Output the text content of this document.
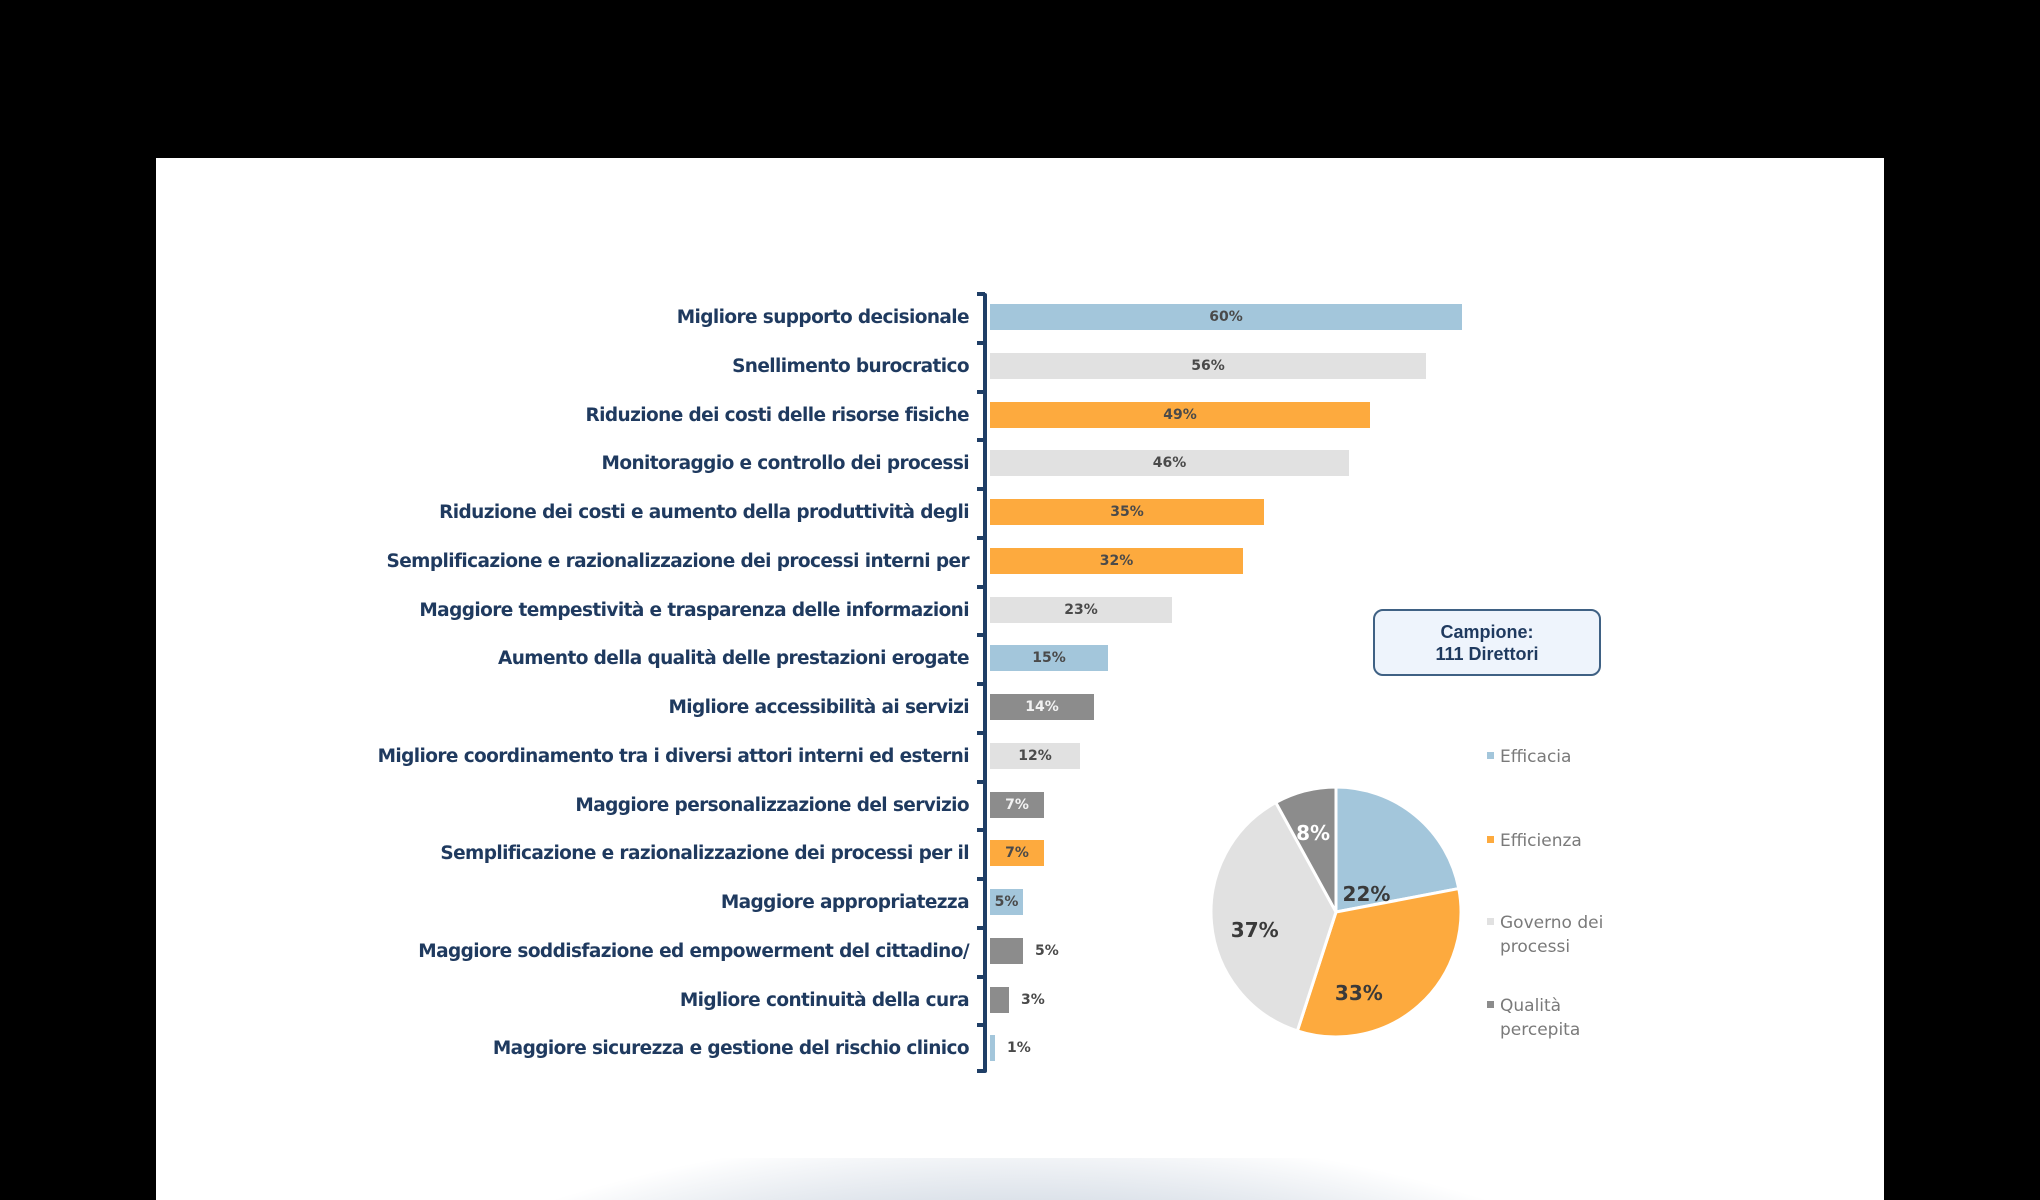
Migliore supporto decisionale	60%
Snellimento burocratico	56%
Riduzione dei costi delle risorse fisiche	49%
Monitoraggio e controllo dei processi	46%
Riduzione dei costi e aumento della produttività degli	35%
Semplificazione e razionalizzazione dei processi interni per	32%
Maggiore tempestività e trasparenza delle informazioni	23%
Aumento della qualità delle prestazioni erogate	15%
Migliore accessibilità ai servizi	14%
Migliore coordinamento tra i diversi attori interni ed esterni	12%
Maggiore personalizzazione del servizio	7%
Semplificazione e razionalizzazione dei processi per il	7%
Maggiore appropriatezza	5%
Maggiore soddisfazione ed empowerment del cittadino/	5%
Migliore continuità della cura	3%
Maggiore sicurezza e gestione del rischio clinico	1%
Campione:
111 Direttori
22%
33%
37%
8%
Efficacia
Efficienza
Governo dei processi
Qualità percepita
